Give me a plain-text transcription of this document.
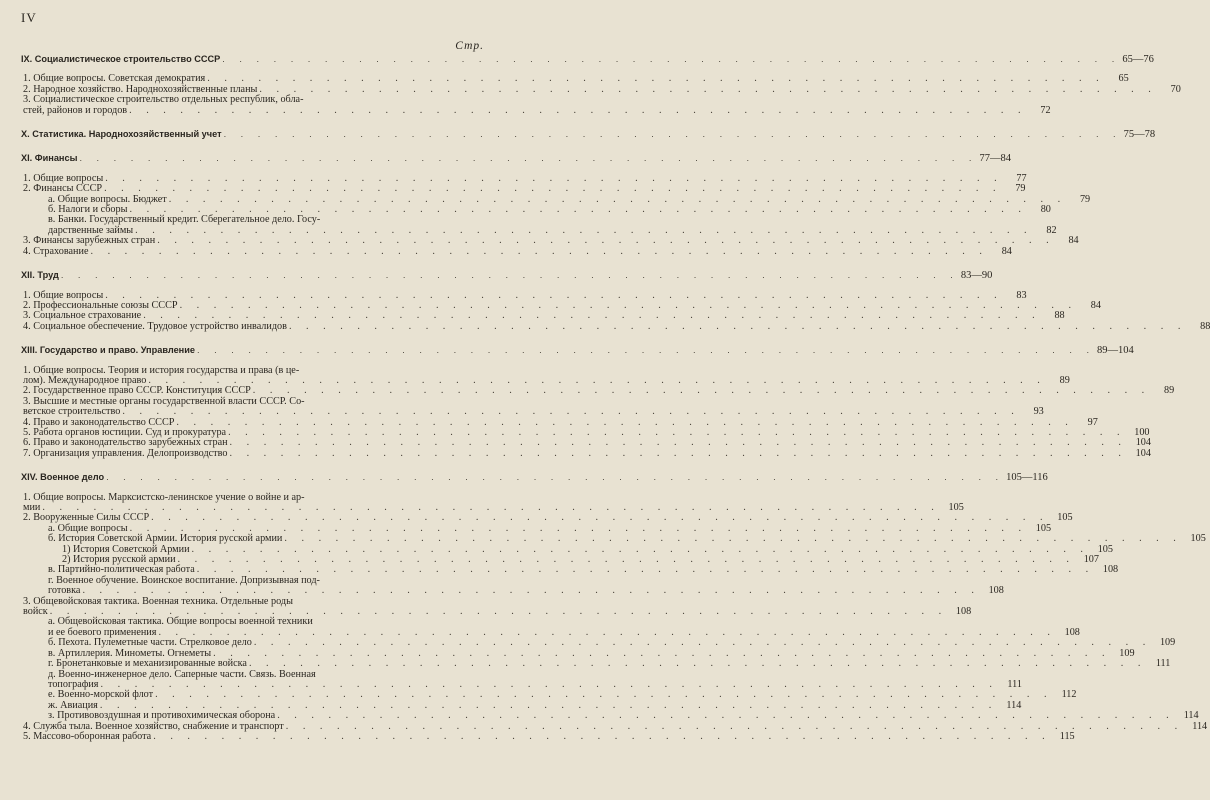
IV
Стр.
IX. Социалистическое строительство СССР . . . . . . . . . . . . . . . . . . . . . . . . . . . . . . . . . . . . . . . . . . . . . . . . . . . . . 65—76
1. Общие вопросы. Советская демократия . . . . . . . . . . . . . . . . . . . . . . . . . . . . . . . . . . . . . . . . . . . . . . . . . . . . .	65
2. Народное хозяйство. Народнохозяйственные планы . . . . . . . . . . . . . . . . . . . . . . . . . . . . . . . . . . . . . . . . . . . . . . . . . . . . .	70
3. Социалистическое строительство отдельных республик, обла-
стей, районов и городов . . . . . . . . . . . . . . . . . . . . . . . . . . . . . . . . . . . . . . . . . . . . . . . . . . . . .	72
X. Статистика. Народнохозяйственный учет . . . . . . . . . . . . . . . . . . . . . . . . . . . . . . . . . . . . . . . . . . . . . . . . . . . . . 75—78
XI. Финансы . . . . . . . . . . . . . . . . . . . . . . . . . . . . . . . . . . . . . . . . . . . . . . . . . . . . . 77—84
1. Общие вопросы . . . . . . . . . . . . . . . . . . . . . . . . . . . . . . . . . . . . . . . . . . . . . . . . . . . . .	77
2. Финансы СССР . . . . . . . . . . . . . . . . . . . . . . . . . . . . . . . . . . . . . . . . . . . . . . . . . . . . .	79
а. Общие вопросы. Бюджет . . . . . . . . . . . . . . . . . . . . . . . . . . . . . . . . . . . . . . . . . . . . . . . . . . . . .	79
б. Налоги и сборы . . . . . . . . . . . . . . . . . . . . . . . . . . . . . . . . . . . . . . . . . . . . . . . . . . . . .	80
в. Банки. Государственный кредит. Сберегательное дело. Госу-
дарственные займы . . . . . . . . . . . . . . . . . . . . . . . . . . . . . . . . . . . . . . . . . . . . . . . . . . . . .	82
3. Финансы зарубежных стран . . . . . . . . . . . . . . . . . . . . . . . . . . . . . . . . . . . . . . . . . . . . . . . . . . . . .	84
4. Страхование . . . . . . . . . . . . . . . . . . . . . . . . . . . . . . . . . . . . . . . . . . . . . . . . . . . . .	84
XII. Труд . . . . . . . . . . . . . . . . . . . . . . . . . . . . . . . . . . . . . . . . . . . . . . . . . . . . . 83—90
1. Общие вопросы . . . . . . . . . . . . . . . . . . . . . . . . . . . . . . . . . . . . . . . . . . . . . . . . . . . . .	83
2. Профессиональные союзы СССР . . . . . . . . . . . . . . . . . . . . . . . . . . . . . . . . . . . . . . . . . . . . . . . . . . . . .	84
3. Социальное страхование . . . . . . . . . . . . . . . . . . . . . . . . . . . . . . . . . . . . . . . . . . . . . . . . . . . . .	88
4. Социальное обеспечение. Трудовое устройство инвалидов . . . . . . . . . . . . . . . . . . . . . . . . . . . . . . . . . . . . . . . . . . . . . . . . . . . . .	88
XIII. Государство и право. Управление . . . . . . . . . . . . . . . . . . . . . . . . . . . . . . . . . . . . . . . . . . . . . . . . . . . . . 89—104
1. Общие вопросы. Теория и история государства и права (в це-
лом). Международное право . . . . . . . . . . . . . . . . . . . . . . . . . . . . . . . . . . . . . . . . . . . . . . . . . . . . .	89
2. Государственное право СССР. Конституция СССР . . . . . . . . . . . . . . . . . . . . . . . . . . . . . . . . . . . . . . . . . . . . . . . . . . . . .	89
3. Высшие и местные органы государственной власти СССР. Со-
ветское строительство . . . . . . . . . . . . . . . . . . . . . . . . . . . . . . . . . . . . . . . . . . . . . . . . . . . . .	93
4. Право и законодательство СССР . . . . . . . . . . . . . . . . . . . . . . . . . . . . . . . . . . . . . . . . . . . . . . . . . . . . .	97
5. Работа органов юстиции. Суд и прокуратура . . . . . . . . . . . . . . . . . . . . . . . . . . . . . . . . . . . . . . . . . . . . . . . . . . . . . 100
6. Право и законодательство зарубежных стран . . . . . . . . . . . . . . . . . . . . . . . . . . . . . . . . . . . . . . . . . . . . . . . . . . . . . 104
7. Организация управления. Делопроизводство . . . . . . . . . . . . . . . . . . . . . . . . . . . . . . . . . . . . . . . . . . . . . . . . . . . . . 104
XIV. Военное дело . . . . . . . . . . . . . . . . . . . . . . . . . . . . . . . . . . . . . . . . . . . . . . . . . . . . . 105—116
1. Общие вопросы. Марксистско-ленинское учение о войне и ар-
мии . . . . . . . . . . . . . . . . . . . . . . . . . . . . . . . . . . . . . . . . . . . . . . . . . . . . . 105
2. Вооруженные Силы СССР . . . . . . . . . . . . . . . . . . . . . . . . . . . . . . . . . . . . . . . . . . . . . . . . . . . . . 105
а. Общие вопросы . . . . . . . . . . . . . . . . . . . . . . . . . . . . . . . . . . . . . . . . . . . . . . . . . . . . . 105
б. История Советской Армии. История русской армии . . . . . . . . . . . . . . . . . . . . . . . . . . . . . . . . . . . . . . . . . . . . . . . . . . . . . 105
1) История Советской Армии . . . . . . . . . . . . . . . . . . . . . . . . . . . . . . . . . . . . . . . . . . . . . . . . . . . . . 105
2) История русской армии . . . . . . . . . . . . . . . . . . . . . . . . . . . . . . . . . . . . . . . . . . . . . . . . . . . . . 107
в. Партийно-политическая работа . . . . . . . . . . . . . . . . . . . . . . . . . . . . . . . . . . . . . . . . . . . . . . . . . . . . . 108
г. Военное обучение. Воинское воспитание. Допризывная под-
готовка . . . . . . . . . . . . . . . . . . . . . . . . . . . . . . . . . . . . . . . . . . . . . . . . . . . . . 108
3. Общевойсковая тактика. Военная техника. Отдельные роды
войск . . . . . . . . . . . . . . . . . . . . . . . . . . . . . . . . . . . . . . . . . . . . . . . . . . . . . 108
а. Общевойсковая тактика. Общие вопросы военной техники
и ее боевого применения . . . . . . . . . . . . . . . . . . . . . . . . . . . . . . . . . . . . . . . . . . . . . . . . . . . . . 108
б. Пехота. Пулеметные части. Стрелковое дело . . . . . . . . . . . . . . . . . . . . . . . . . . . . . . . . . . . . . . . . . . . . . . . . . . . . . 109
в. Артиллерия. Минометы. Огнеметы . . . . . . . . . . . . . . . . . . . . . . . . . . . . . . . . . . . . . . . . . . . . . . . . . . . . . 109
г. Бронетанковые и механизированные войска . . . . . . . . . . . . . . . . . . . . . . . . . . . . . . . . . . . . . . . . . . . . . . . . . . . . . 111
д. Военно-инженерное дело. Саперные части. Связь. Военная
топография . . . . . . . . . . . . . . . . . . . . . . . . . . . . . . . . . . . . . . . . . . . . . . . . . . . . . 111
е. Военно-морской флот . . . . . . . . . . . . . . . . . . . . . . . . . . . . . . . . . . . . . . . . . . . . . . . . . . . . . 112
ж. Авиация . . . . . . . . . . . . . . . . . . . . . . . . . . . . . . . . . . . . . . . . . . . . . . . . . . . . . 114
з. Противовоздушная и противохимическая оборона . . . . . . . . . . . . . . . . . . . . . . . . . . . . . . . . . . . . . . . . . . . . . . . . . . . . . 114
4. Служба тыла. Военное хозяйство, снабжение и транспорт . . . . . . . . . . . . . . . . . . . . . . . . . . . . . . . . . . . . . . . . . . . . . . . . . . . . . 114
5. Массово-оборонная работа . . . . . . . . . . . . . . . . . . . . . . . . . . . . . . . . . . . . . . . . . . . . . . . . . . . . . 115
